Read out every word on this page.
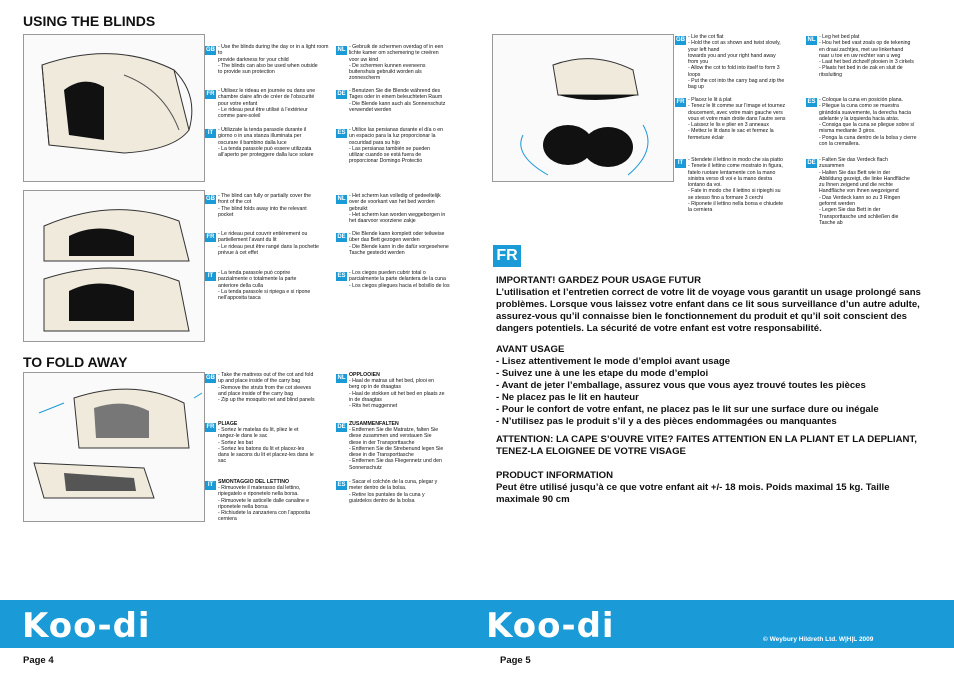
USING THE BLINDS
GB - Use the blinds during the day or in a light room to
provide darkness for your child
- The blinds can also be used when outside
to provide sun protection
NL - Gebruik de schermen overdag of in een
lichte kamer om schemering te creëren
voor uw kind
- De schermen kunnen eveneens
buitenshuis gebruikt worden als
zonnescherm
FR - Utilisez le rideau en journée ou dans une
chambre claire afin de créer de l’obscurité
pour votre enfant
- Le rideau peut être utilisé à l’extérieur
comme pare-soleil
DE - Benutzen Sie die Blende während des
Tages oder in einem beleuchteten Raum
- Die Blende kann auch als Sonnenschutz
verwendet werden
IT - Utilizzate la tenda parasole durante il
giorno o in una stanza illuminata per
oscurare il bambino dalla luce
- La tenda parasole può essere utilizzata
all’aperto per proteggere dalla luce solare
ES - Utilice las persianas durante el día o en
un espacio para la luz proporcionar la
oscuridad para su hijo
- Las persianas también se pueden
utilizar cuando se está fuera de
proporcionar Domingo Protectio
GB - The blind can fully or partially cover the
front of the cot
- The blind folds away into the relevant
pocket
NL - Het scherm kan volledig of gedeeltelijk
over de voorkant van het bed worden
gebruikt
- Het scherm kan worden weggeborgen in
het daarvoor voorziene zakje
FR - Le rideau peut couvrir entièrement ou
partiellement l’avant du lit
- Le rideau peut être rangé dans la pochette
prévue à cet effet
DE - Die Blende kann komplett oder teilweise
über das Bett gezogen werden
- Die Blende kann in die dafür vorgesehene
Tasche gesteckt werden
IT - La tenda parasole può coprire
parzialmente o totalmente la parte
anteriore della culla
- La tenda parasole si ripiega e si ripone
nell’apposita tasca
ES - Los ciegos pueden cubrir total o
parcialmente la parte delantera de la cuna
- Los ciegos pliegues hacia el bolsillo de los
TO FOLD AWAY
GB - Take the mattress out of the cot and fold
up and place inside of the carry bag
- Remove the struts from the cot sleeves
and place inside of the carry bag
- Zip up the mosquito net and blind panels
NL OPPLOOIEN
- Haal de matras uit het bed, plooi en
berg op in de draagtas
- Haal de stokken uit het bed en plaats ze
in de draagtas
- Rits het muggennet
FR PLIAGE
- Sortez le matelas du lit, pliez le et
rangez-le dans le sac
- Sortez les bat
- Sortez les batons du lit et placez-les
dans le sacons du lit et placez-les dans le
sac
DE ZUSAMMENFALTEN
- Entfernen Sie die Matratze, falten Sie
diese zusammen und verstauen Sie
diese in der Transporttasche
- Entfernen Sie die Strebenund legen Sie
diese in die Transporttasche
- Entfernen Sie das Fliegennetz und den
Sonnenschutz
IT SMONTAGGIO DEL LETTINO
- Rimuovete il materasso dal lettino,
ripiegatelo e riponetelo nella borsa.
- Rimuovete le asticelle dalle canaline e
riponetele nella borsa
- Richiudete la zanzariera con l’apposita
cerniera
ES - Sacar el colchón de la cuna, plegar y
meter dentro de la bolsa.
- Retire los puntales de la cuna y
guárdelos dentro de la bolsa
GB - Lie the cot flat
- Hold the cot as shown and twist slowly,
your left hand
towards you and your right hand away
from you
- Allow the cot to fold into itself to form 3
loops
- Put the cot into the carry bag and zip the
bag up
NL - Leg het bed plat
- Hou het bed vast zoals op de tekening
en draai zachtjes, met uw linkerhand
naar u toe en uw rechter van u weg
- Laat het bed zichzelf plooien in 3 cirkels
- Plaats het bed in de zak en sluit de
ritssluiting
FR - Placez le lit à plat
- Tenez le lit comme sur l’image et tournez
doucement, avec votre main gauche vers
vous et votre main droite dans l’autre sens
- Laissez le lis e plier en 3 anneaux
- Mettez le lit dans le sac et fermez la
fermeture éclair
ES - Coloque la cuna en posición plana.
- Pliegue la cuna como se muestra
girándola suavemente, la derecha hacia
adelante y la izquierda hacia atrás.
- Consiga que la cuna se pliegue sobre sí
misma mediante 3 giros.
- Ponga la cuna dentro de la bolsa y cierre
con la cremallera.
IT - Stendete il lettino in modo che sia piatto
- Tenete il lettino come mostrato in figura,
fatelo ruotare lentamente con la mano
sinistra verso di voi e la mano destra
lontano da voi.
- Fate in modo che il lettino si ripieghi su
se stesso fino a formare 3 cerchi
- Riponete il lettino nella borsa e chiudete
la cerniera
DE - Falten Sie das Verdeck flach
zusammen
- Halten Sie das Bett wie in der
Abbildung gezeigt, die linke Handfläche
zu Ihnen zeigend und die rechte
Handfläche von Ihnen wegzeigend
- Das Verdeck kann so zu 3 Ringen
geformt werden
- Legen Sie das Bett in der
Transporttasche und schließen die
Tasche ab
FR

IMPORTANT! GARDEZ POUR USAGE FUTUR

L’utilisation et l’entretien correct de votre lit de voyage vous garantit un usage prolongé sans problèmes. Lorsque vous laissez votre enfant dans ce lit sous surveillance d’un autre adulte, assurez-vous qu’il connaisse bien le fonctionnement du produit et qu’il soit conscient des dangers potentiels. La sécurité de votre enfant est votre responsabilité.

AVANT USAGE

- Lisez attentivement le mode d’emploi avant usage

- Suivez une à une les etape du mode d’emploi

- Avant de jeter l’emballage, assurez vous que vous ayez trouvé toutes les pièces

- Ne placez pas le lit en hauteur

- Pour le confort de votre enfant, ne placez pas le lit sur une surface dure ou inégale

- N’utilisez pas le produit s’il y a des pièces endommagées ou manquantes

ATTENTION: LA CAPE S’OUVRE VITE? FAITES ATTENTION EN LA PLIANT ET LA DEPLIANT, TENEZ-LA ELOIGNEE DE VOTRE VISAGE

PRODUCT INFORMATION

Peut être utilisé jusqu’à ce que votre enfant ait +/- 18 mois. Poids maximal 15 kg. Taille maximale 90 cm

Koo-di	Koo-di	© Weybury Hildreth Ltd. W|H|L 2009
Page 4	Page 5
